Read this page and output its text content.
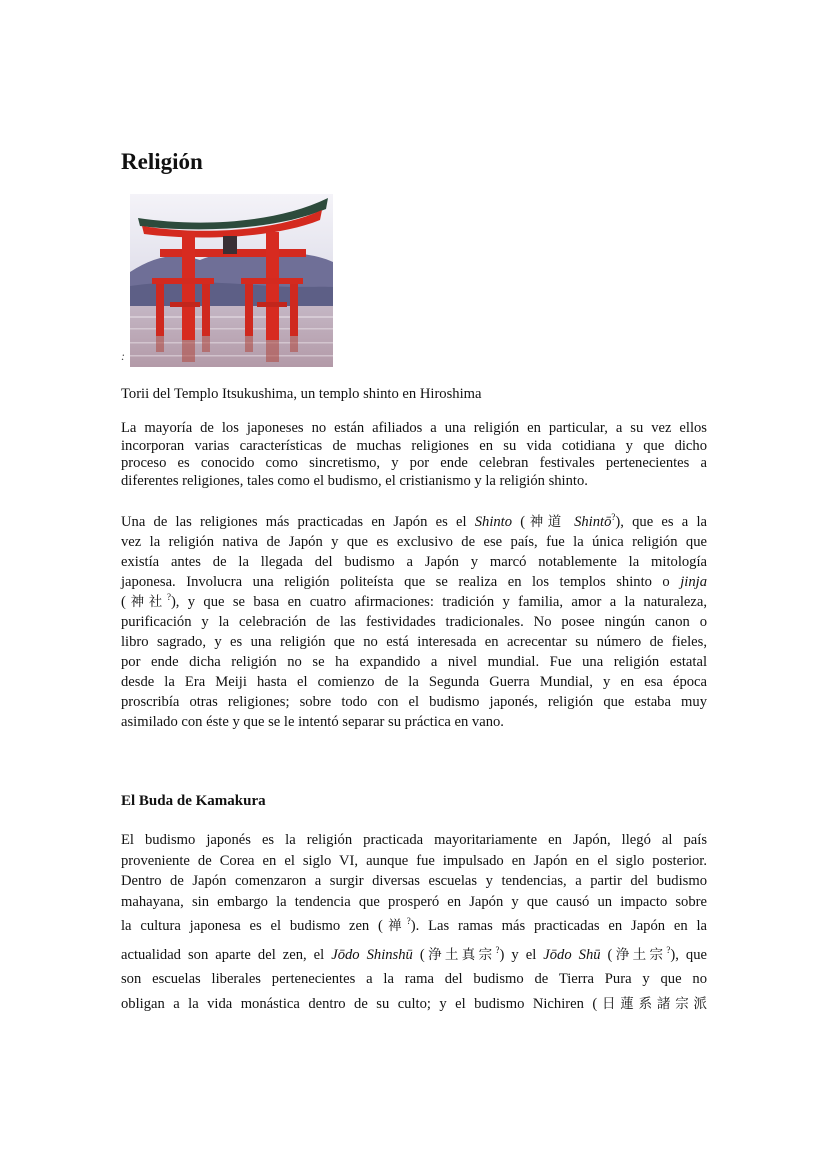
Religión
:
Torii del Templo Itsukushima, un templo shinto en Hiroshima

La mayoría de los japoneses no están afiliados a una religión en particular, a su vez ellos
incorporan varias características de muchas religiones en su vida cotidiana y que dicho
proceso es conocido como sincretismo, y por ende celebran festivales pertenecientes a
diferentes religiones, tales como el budismo, el cristianismo y la religión shinto.

Una de las religiones más practicadas en Japón es el Shinto (神道 Shintō?), que es a la
vez la religión nativa de Japón y que es exclusivo de ese país, fue la única religión que
existía antes de la llegada del budismo a Japón y marcó notablemente la mitología
japonesa. Involucra una religión politeísta que se realiza en los templos shinto o jinja
(神社?), y que se basa en cuatro afirmaciones: tradición y familia, amor a la naturaleza,
purificación y la celebración de las festividades tradicionales. No posee ningún canon o
libro sagrado, y es una religión que no está interesada en acrecentar su número de fieles,
por ende dicha religión no se ha expandido a nivel mundial. Fue una religión estatal
desde la Era Meiji hasta el comienzo de la Segunda Guerra Mundial, y en esa época
proscribía otras religiones; sobre todo con el budismo japonés, religión que estaba muy
asimilado con éste y que se le intentó separar su práctica en vano.

El Buda de Kamakura

El budismo japonés es la religión practicada mayoritariamente en Japón, llegó al país
proveniente de Corea en el siglo VI, aunque fue impulsado en Japón en el siglo posterior.
Dentro de Japón comenzaron a surgir diversas escuelas y tendencias, a partir del budismo
mahayana, sin embargo la tendencia que prosperó en Japón y que causó un impacto sobre
la cultura japonesa es el budismo zen (禅?). Las ramas más practicadas en Japón en la
actualidad son aparte del zen, el Jōdo Shinshū (浄土真宗?) y el Jōdo Shū (浄土宗?), que
son escuelas liberales pertenecientes a la rama del budismo de Tierra Pura y que no
obligan a la vida monástica dentro de su culto; y el budismo Nichiren (日蓮系諸宗派
